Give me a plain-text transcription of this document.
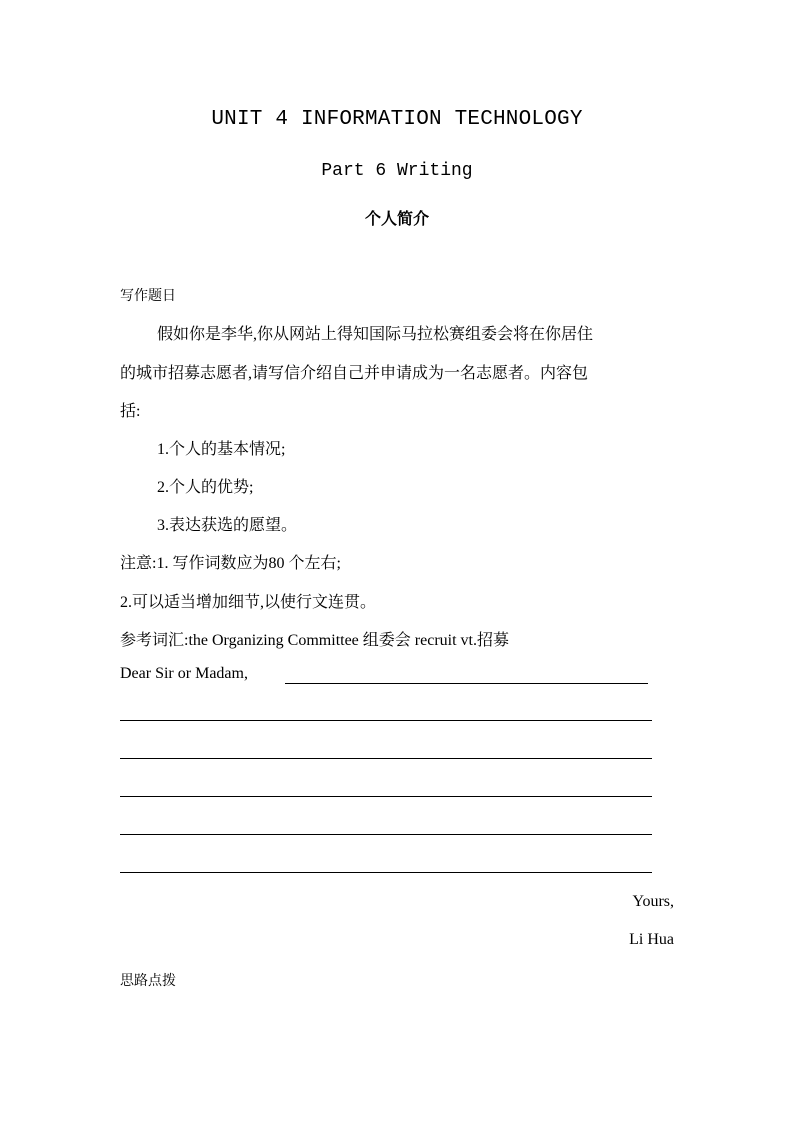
UNIT 4 INFORMATION TECHNOLOGY
Part 6 Writing
个人简介
写作题日
假如你是李华,你从网站上得知国际马拉松赛组委会将在你居住
的城市招募志愿者,请写信介绍自己并申请成为一名志愿者。内容包
括:
1.个人的基本情况;
2.个人的优势;
3.表达获选的愿望。
注意:1. 写作词数应为80 个左右;
2.可以适当增加细节,以使行文连贯。
参考词汇:the Organizing Committee 组委会 recruit vt.招募
Dear Sir or Madam,
Yours,
Li Hua
思路点拨
